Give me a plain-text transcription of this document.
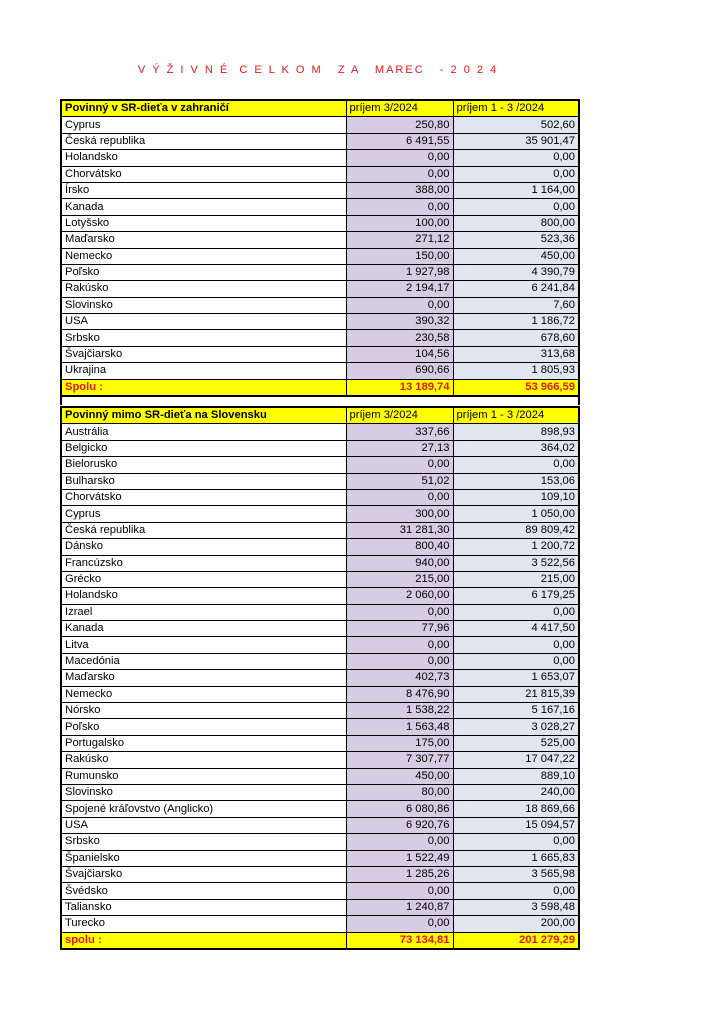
V Ý Ž I V N É  C E L K O M   Z A   MAREC   - 2 0 2 4
Povinný v SR-dieťa v zahraničí	príjem 3/2024	príjem 1 - 3 /2024
Cyprus	250,80	502,60
Česká republika	6 491,55	35 901,47
Holandsko	0,00	0,00
Chorvátsko	0,00	0,00
Írsko	388,00	1 164,00
Kanada	0,00	0,00
Lotyšsko	100,00	800,00
Maďarsko	271,12	523,36
Nemecko	150,00	450,00
Poľsko	1 927,98	4 390,79
Rakúsko	2 194,17	6 241,84
Slovinsko	0,00	7,60
USA	390,32	1 186,72
Srbsko	230,58	678,60
Švajčiarsko	104,56	313,68
Ukrajina	690,66	1 805,93
Spolu :	13 189,74	53 966,59
Povinný mimo SR-dieťa na Slovensku	príjem 3/2024	príjem 1 - 3 /2024
Austrália	337,66	898,93
Belgicko	27,13	364,02
Bielorusko	0,00	0,00
Bulharsko	51,02	153,06
Chorvátsko	0,00	109,10
Cyprus	300,00	1 050,00
Česká republika	31 281,30	89 809,42
Dánsko	800,40	1 200,72
Francúzsko	940,00	3 522,56
Grécko	215,00	215,00
Holandsko	2 060,00	6 179,25
Izrael	0,00	0,00
Kanada	77,96	4 417,50
Litva	0,00	0,00
Macedónia	0,00	0,00
Maďarsko	402,73	1 653,07
Nemecko	8 476,90	21 815,39
Nórsko	1 538,22	5 167,16
Poľsko	1 563,48	3 028,27
Portugalsko	175,00	525,00
Rakúsko	7 307,77	17 047,22
Rumunsko	450,00	889,10
Slovinsko	80,00	240,00
Spojené kráľovstvo (Anglicko)	6 080,86	18 869,66
USA	6 920,76	15 094,57
Srbsko	0,00	0,00
Španielsko	1 522,49	1 665,83
Švajčiarsko	1 285,26	3 565,98
Švédsko	0,00	0,00
Taliansko	1 240,87	3 598,48
Turecko	0,00	200,00
spolu :	73 134,81	201 279,29
